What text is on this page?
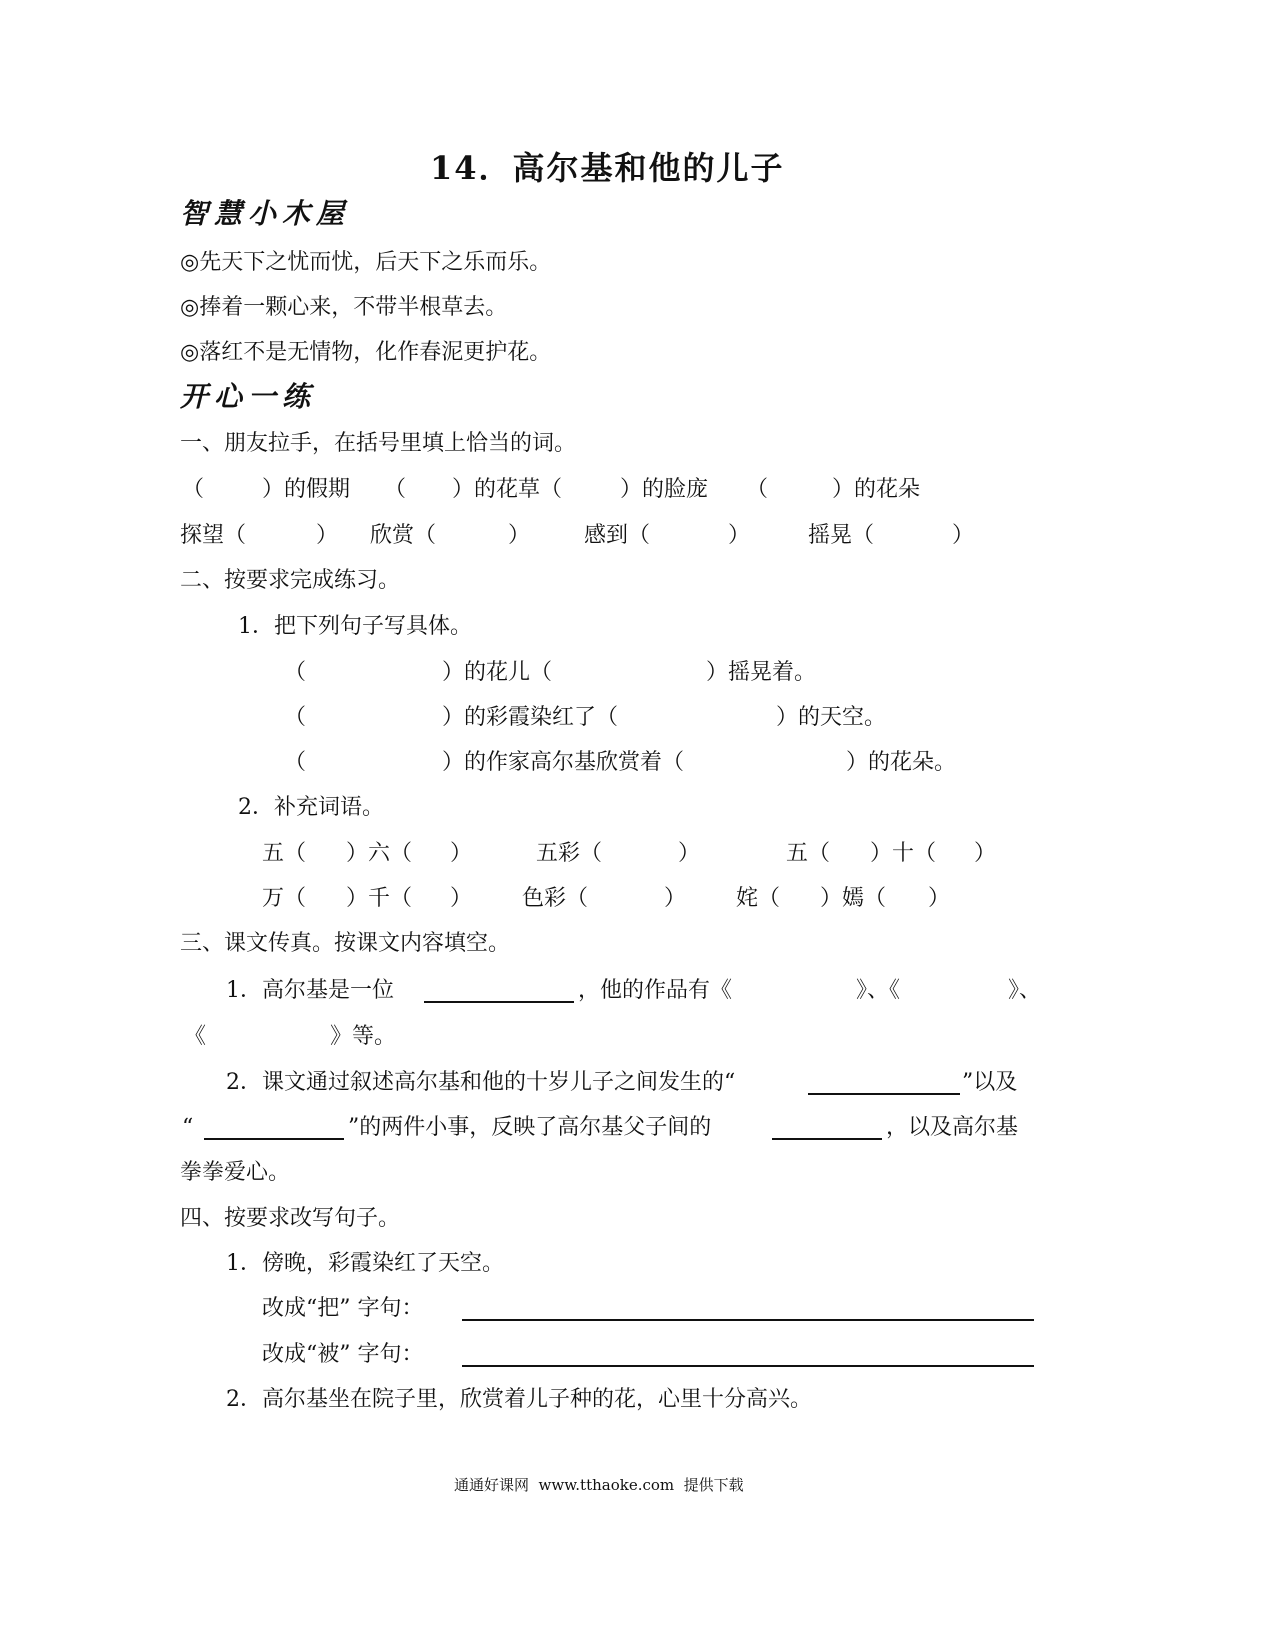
14．高尔基和他的儿子
智慧小木屋
◎先天下之忧而忧，后天下之乐而乐。
◎捧着一颗心来，不带半根草去。
◎落红不是无情物，化作春泥更护花。
开心一练
一、朋友拉手，在括号里填上恰当的词。
（	）的假期 （ ）的花草（	）的脸庞 （	）的花朵
探望（	） 欣赏（	） 感到（	）	摇晃（	）
二、按要求完成练习。
1．把下列句子写具体。
（	）的花儿（	）摇晃着。
（	）的彩霞染红了（	）的天空。
（	）的作家高尔基欣赏着（	）的花朵。
2．补充词语。
五（ ）六（ ）	五彩（	）	五（ ）十（ ）
万（ ）千（ ） 色彩（	） 姹（ ）嫣（ ）
三、课文传真。按课文内容填空。
1．高尔基是一位	，他的作品有《	》、《	》、
《	》等。
2．课文通过叙述高尔基和他的十岁儿子之间发生的“	”以及
“	”的两件小事，反映了高尔基父子间的	，以及高尔基
拳拳爱心。
四、按要求改写句子。
1．傍晚，彩霞染红了天空。
改成“把” 字句：
改成“被” 字句：
2．高尔基坐在院子里，欣赏着儿子种的花，心里十分高兴。
通通好课网  www.tthaoke.com  提供下载
